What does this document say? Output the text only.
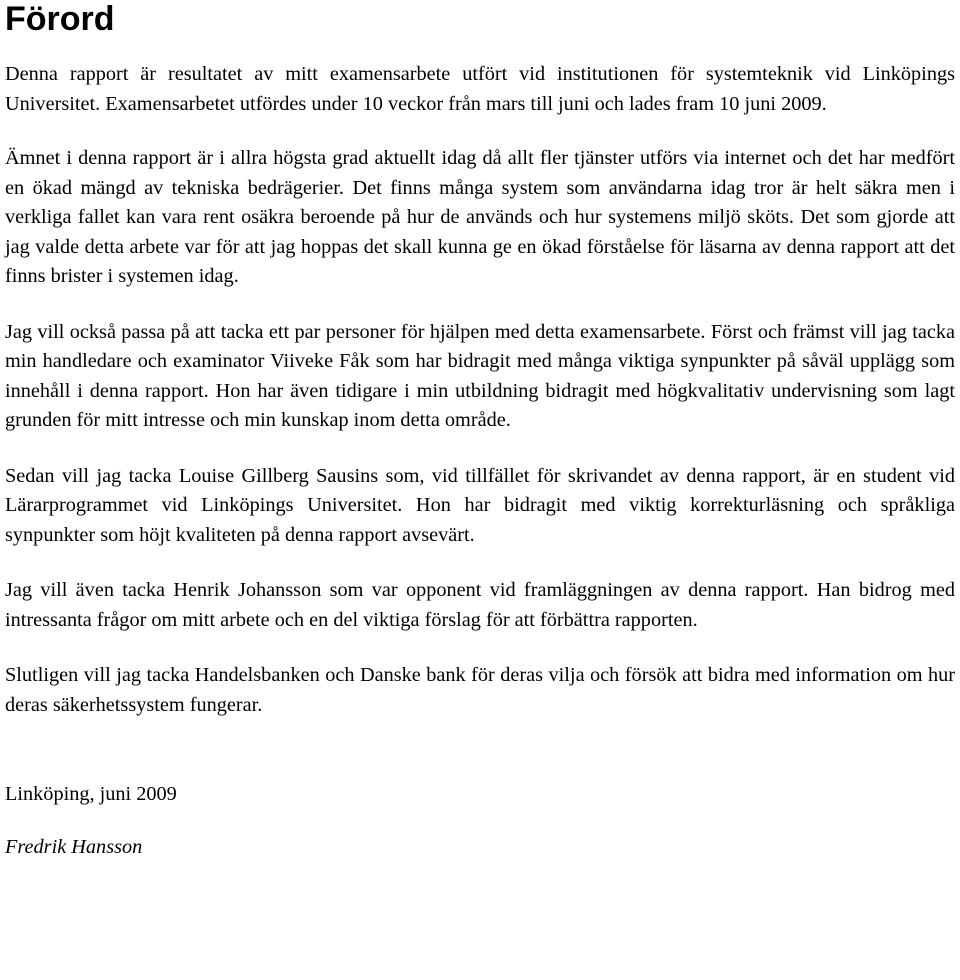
Förord

Denna rapport är resultatet av mitt examensarbete utfört vid institutionen för systemteknik vid Linköpings Universitet. Examensarbetet utfördes under 10 veckor från mars till juni och lades fram 10 juni 2009.

Ämnet i denna rapport är i allra högsta grad aktuellt idag då allt fler tjänster utförs via internet och det har medfört en ökad mängd av tekniska bedrägerier. Det finns många system som användarna idag tror är helt säkra men i verkliga fallet kan vara rent osäkra beroende på hur de används och hur systemens miljö sköts. Det som gjorde att jag valde detta arbete var för att jag hoppas det skall kunna ge en ökad förståelse för läsarna av denna rapport att det finns brister i systemen idag.

Jag vill också passa på att tacka ett par personer för hjälpen med detta examensarbete. Först och främst vill jag tacka min handledare och examinator Viiveke Fåk som har bidragit med många viktiga synpunkter på såväl upplägg som innehåll i denna rapport. Hon har även tidigare i min utbildning bidragit med högkvalitativ undervisning som lagt grunden för mitt intresse och min kunskap inom detta område.

Sedan vill jag tacka Louise Gillberg Sausins som, vid tillfället för skrivandet av denna rapport, är en student vid Lärarprogrammet vid Linköpings Universitet. Hon har bidragit med viktig korrekturläsning och språkliga synpunkter som höjt kvaliteten på denna rapport avsevärt.

Jag vill även tacka Henrik Johansson som var opponent vid framläggningen av denna rapport. Han bidrog med intressanta frågor om mitt arbete och en del viktiga förslag för att förbättra rapporten.

Slutligen vill jag tacka Handelsbanken och Danske bank för deras vilja och försök att bidra med information om hur deras säkerhetssystem fungerar.

Linköping, juni 2009
Fredrik Hansson
